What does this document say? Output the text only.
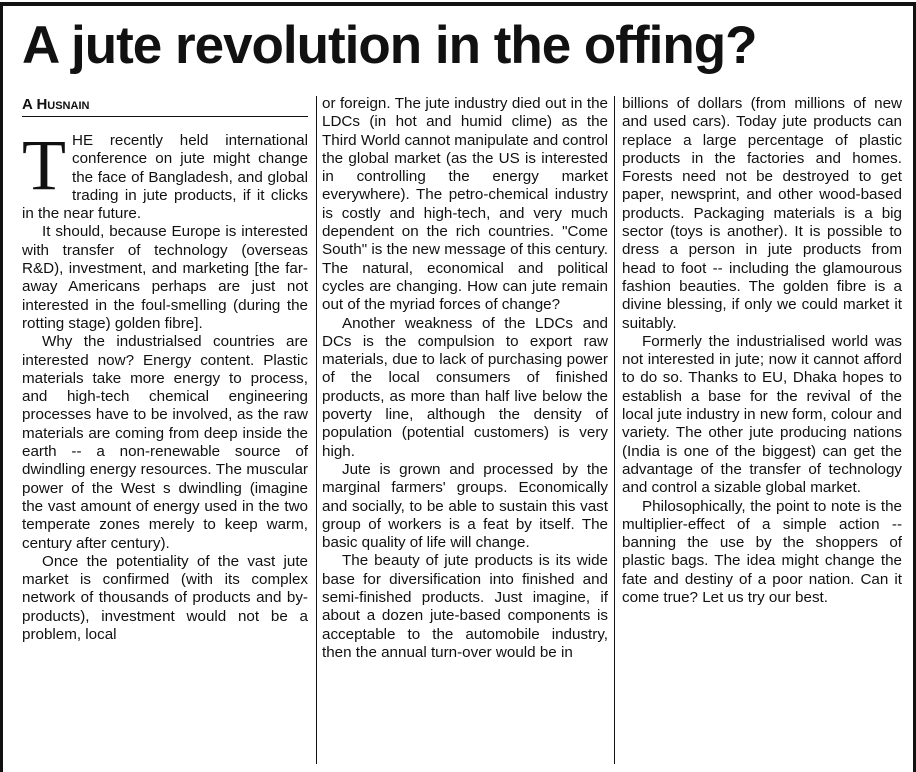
A jute revolution in the offing?
A Husnain

THE recently held international conference on jute might change the face of Bangladesh, and global trading in jute products, if it clicks in the near future.

It should, because Europe is interested with transfer of technology (overseas R&D), investment, and marketing [the far-away Americans perhaps are just not interested in the foul-smelling (during the rotting stage) golden fibre].

Why the industrialsed countries are interested now? Energy content. Plastic materials take more energy to process, and high-tech chemical engineering processes have to be involved, as the raw materials are coming from deep inside the earth -- a non-renewable source of dwindling energy resources. The muscular power of the West s dwindling (imagine the vast amount of energy used in the two temperate zones merely to keep warm, century after century).

Once the potentiality of the vast jute market is confirmed (with its complex network of thousands of products and by-products), investment would not be a problem, local

or foreign. The jute industry died out in the LDCs (in hot and humid clime) as the Third World cannot manipulate and control the global market (as the US is interested in controlling the energy market everywhere). The petro-chemical industry is costly and high-tech, and very much dependent on the rich countries. "Come South" is the new message of this century. The natural, economical and political cycles are changing. How can jute remain out of the myriad forces of change?

Another weakness of the LDCs and DCs is the compulsion to export raw materials, due to lack of purchasing power of the local consumers of finished products, as more than half live below the poverty line, although the density of population (potential customers) is very high.

Jute is grown and processed by the marginal farmers' groups. Economically and socially, to be able to sustain this vast group of workers is a feat by itself. The basic quality of life will change.

The beauty of jute products is its wide base for diversification into finished and semi-finished products. Just imagine, if about a dozen jute-based components is acceptable to the automobile industry, then the annual turn-over would be in

billions of dollars (from millions of new and used cars). Today jute products can replace a large percentage of plastic products in the factories and homes. Forests need not be destroyed to get paper, newsprint, and other wood-based products. Packaging materials is a big sector (toys is another). It is possible to dress a person in jute products from head to foot -- including the glamourous fashion beauties. The golden fibre is a divine blessing, if only we could market it suitably.

Formerly the industrialised world was not interested in jute; now it cannot afford to do so. Thanks to EU, Dhaka hopes to establish a base for the revival of the local jute industry in new form, colour and variety. The other jute producing nations (India is one of the biggest) can get the advantage of the transfer of technology and control a sizable global market.

Philosophically, the point to note is the multiplier-effect of a simple action -- banning the use by the shoppers of plastic bags. The idea might change the fate and destiny of a poor nation. Can it come true? Let us try our best.
